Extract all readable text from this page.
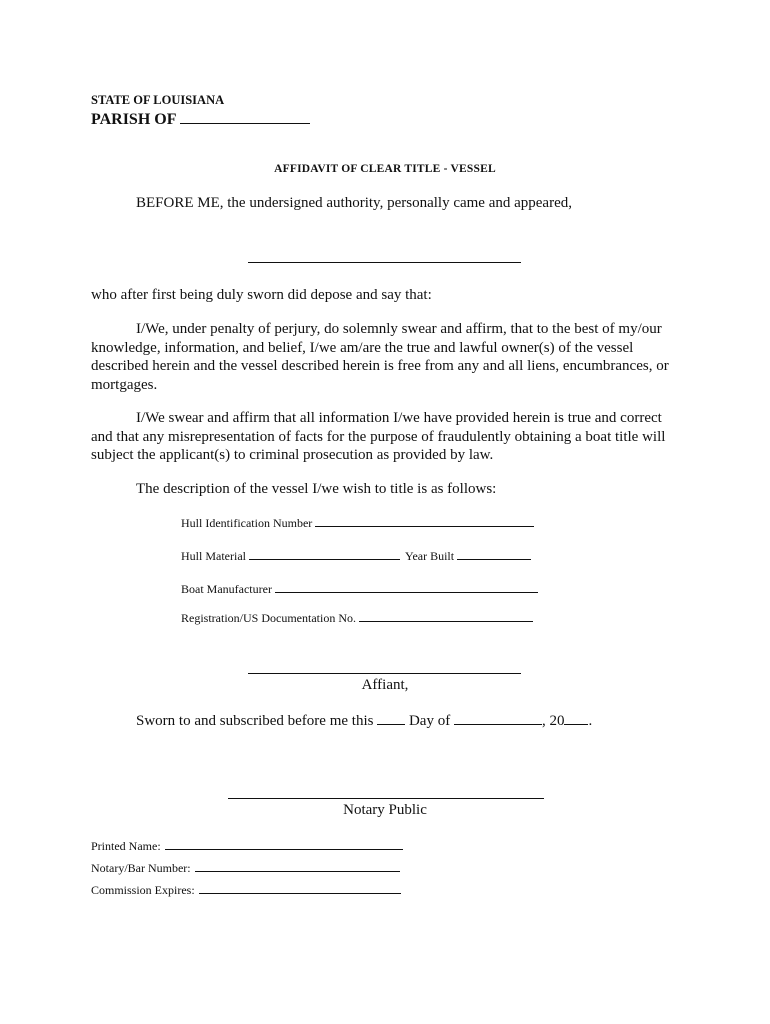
STATE OF LOUISIANA
PARISH OF
AFFIDAVIT OF CLEAR TITLE - VESSEL
BEFORE ME, the undersigned authority, personally came and appeared,
who after first being duly sworn did depose and say that:
I/We, under penalty of perjury, do solemnly swear and affirm, that to the best of my/our knowledge, information, and belief, I/we am/are the true and lawful owner(s) of the vessel described herein and the vessel described herein is free from any and all liens, encumbrances, or mortgages.
I/We swear and affirm that all information I/we have provided herein is true and correct and that any misrepresentation of facts for the purpose of fraudulently obtaining a boat title will subject the applicant(s) to criminal prosecution as provided by law.
The description of the vessel I/we wish to title is as follows:
Hull Identification Number
Hull Material	Year Built
Boat Manufacturer
Registration/US Documentation No.
Affiant,
Sworn to and subscribed before me this Day of	, 20 .
Notary Public
Printed Name:
Notary/Bar Number:
Commission Expires:
